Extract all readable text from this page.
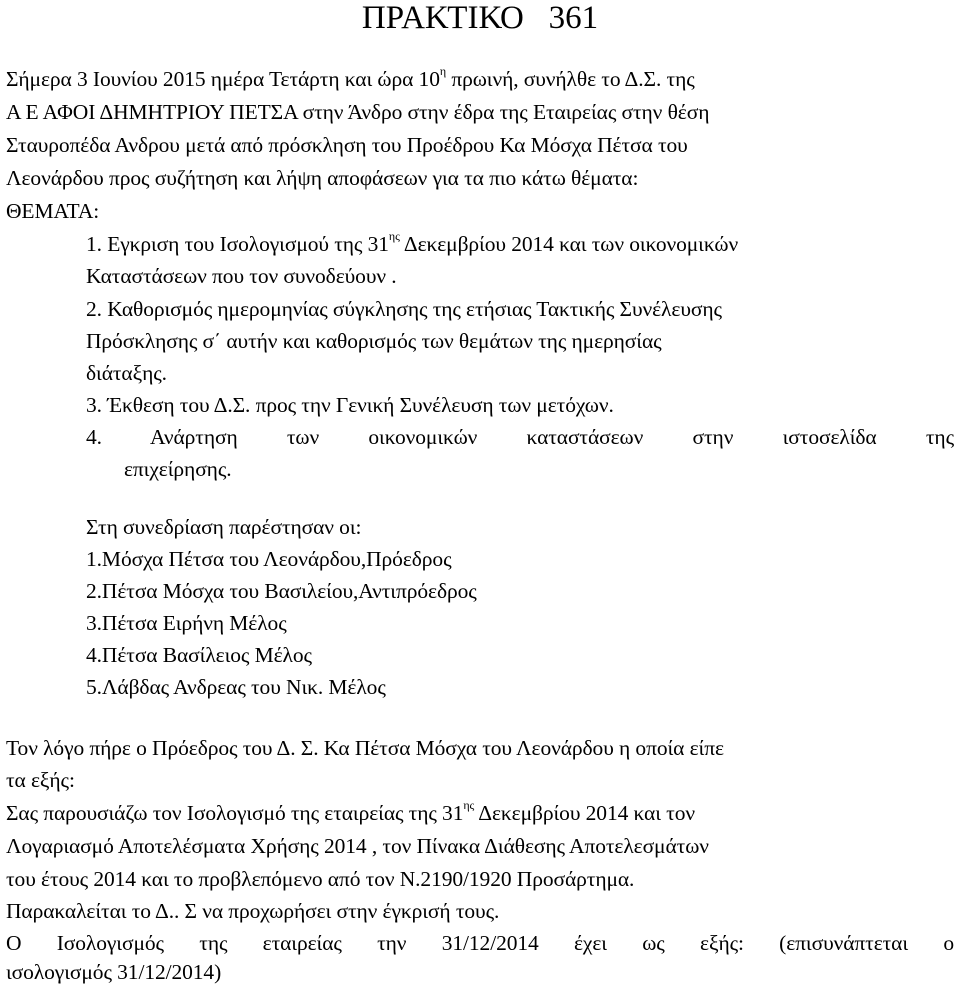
ΠΡΑΚΤΙΚΟ   361
Σήμερα 3 Ιουνίου 2015 ημέρα Τετάρτη και ώρα $10^\eta$ πρωινή, συνήλθε το Δ.Σ. της
Α Ε ΑΦΟΙ ΔΗΜΗΤΡΙΟΥ ΠΕΤΣΑ στην Άνδρο στην έδρα της Εταιρείας στην θέση
Σταυροπέδα Ανδρου μετά από πρόσκληση του Προέδρου Κα Μόσχα Πέτσα του
Λεονάρδου προς συζήτηση και λήψη αποφάσεων για τα πιο κάτω θέματα:
ΘΕΜΑΤΑ:
1. Εγκριση του Ισολογισμού της $31^{\eta\varsigma}$ Δεκεμβρίου 2014 και των οικονομικών
Καταστάσεων που τον συνοδεύουν .
2. Καθορισμός ημερομηνίας σύγκλησης της ετήσιας Τακτικής Συνέλευσης
Πρόσκλησης σ΄ αυτήν και καθορισμός των θεμάτων της ημερησίας
διάταξης.
3. Έκθεση του Δ.Σ. προς την Γενική Συνέλευση των μετόχων.
4. Ανάρτηση των οικονομικών καταστάσεων στην ιστοσελίδα της
επιχείρησης.
Στη συνεδρίαση παρέστησαν οι:
1.Μόσχα Πέτσα του Λεονάρδου,Πρόεδρος
2.Πέτσα Μόσχα του Βασιλείου,Αντιπρόεδρος
3.Πέτσα Ειρήνη Μέλος
4.Πέτσα Βασίλειος Μέλος
5.Λάβδας Ανδρεας του Νικ. Μέλος
Τον λόγο πήρε ο Πρόεδρος του Δ. Σ. Κα Πέτσα Μόσχα του Λεονάρδου η οποία είπε
τα εξής:
Σας παρουσιάζω τον Ισολογισμό της εταιρείας της $31^{\eta\varsigma}$ Δεκεμβρίου 2014 και τον
Λογαριασμό Αποτελέσματα Χρήσης 2014 , τον Πίνακα Διάθεσης Αποτελεσμάτων
του έτους 2014 και το προβλεπόμενο από τον Ν.2190/1920 Προσάρτημα.
Παρακαλείται το Δ.. Σ να προχωρήσει στην έγκρισή τους.
Ο Ισολογισμός της εταιρείας την 31/12/2014 έχει ως εξής: (επισυνάπτεται ο
ισολογισμός 31/12/2014)
